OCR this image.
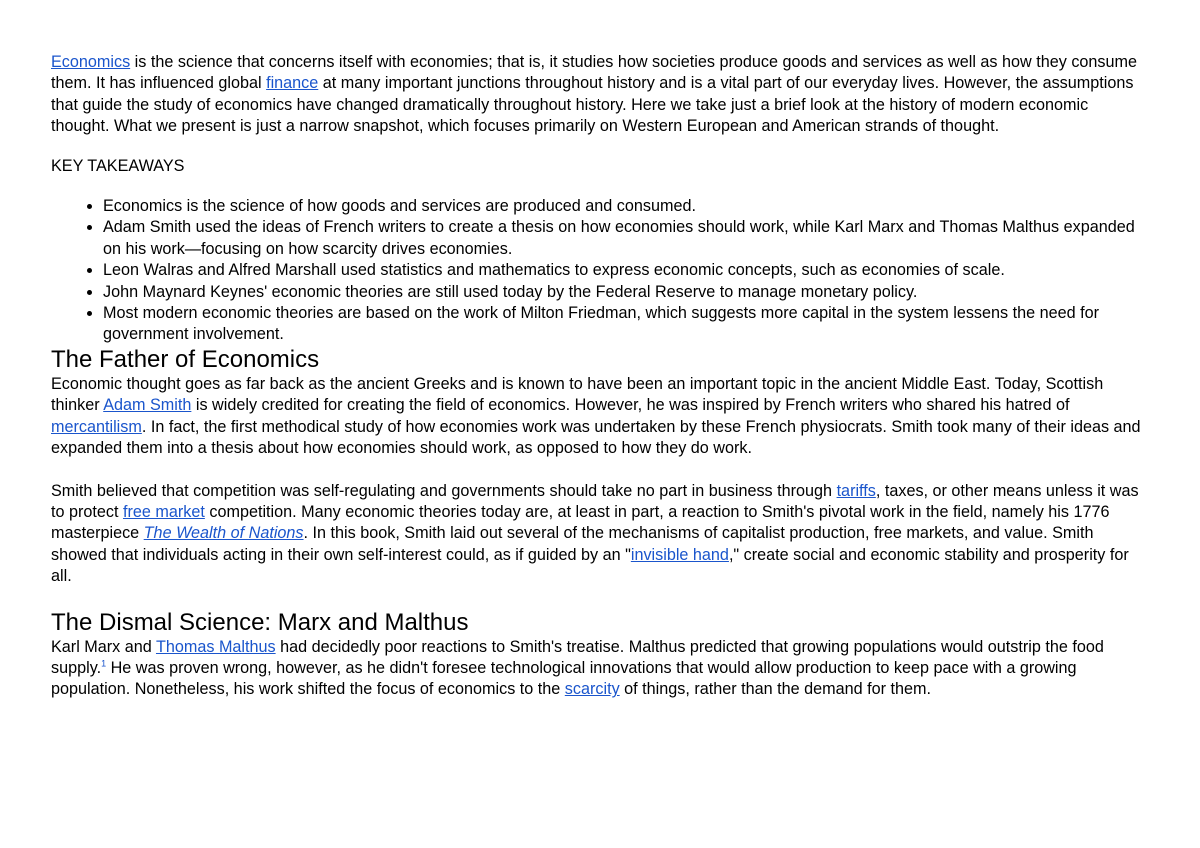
Economics is the science that concerns itself with economies; that is, it studies how societies produce goods and services as well as how they consume them. It has influenced global finance at many important junctions throughout history and is a vital part of our everyday lives. However, the assumptions that guide the study of economics have changed dramatically throughout history. Here we take just a brief look at the history of modern economic thought. What we present is just a narrow snapshot, which focuses primarily on Western European and American strands of thought.

KEY TAKEAWAYS

• Economics is the science of how goods and services are produced and consumed.
• Adam Smith used the ideas of French writers to create a thesis on how economies should work, while Karl Marx and Thomas Malthus expanded on his work—focusing on how scarcity drives economies.
• Leon Walras and Alfred Marshall used statistics and mathematics to express economic concepts, such as economies of scale.
• John Maynard Keynes' economic theories are still used today by the Federal Reserve to manage monetary policy.
• Most modern economic theories are based on the work of Milton Friedman, which suggests more capital in the system lessens the need for government involvement.
The Father of Economics

Economic thought goes as far back as the ancient Greeks and is known to have been an important topic in the ancient Middle East. Today, Scottish thinker Adam Smith is widely credited for creating the field of economics. However, he was inspired by French writers who shared his hatred of mercantilism. In fact, the first methodical study of how economies work was undertaken by these French physiocrats. Smith took many of their ideas and expanded them into a thesis about how economies should work, as opposed to how they do work.

Smith believed that competition was self-regulating and governments should take no part in business through tariffs, taxes, or other means unless it was to protect free market competition. Many economic theories today are, at least in part, a reaction to Smith's pivotal work in the field, namely his 1776 masterpiece The Wealth of Nations. In this book, Smith laid out several of the mechanisms of capitalist production, free markets, and value. Smith showed that individuals acting in their own self-interest could, as if guided by an "invisible hand," create social and economic stability and prosperity for all.

The Dismal Science: Marx and Malthus

Karl Marx and Thomas Malthus had decidedly poor reactions to Smith's treatise. Malthus predicted that growing populations would outstrip the food supply.$^1$ He was proven wrong, however, as he didn't foresee technological innovations that would allow production to keep pace with a growing population. Nonetheless, his work shifted the focus of economics to the scarcity of things, rather than the demand for them.
